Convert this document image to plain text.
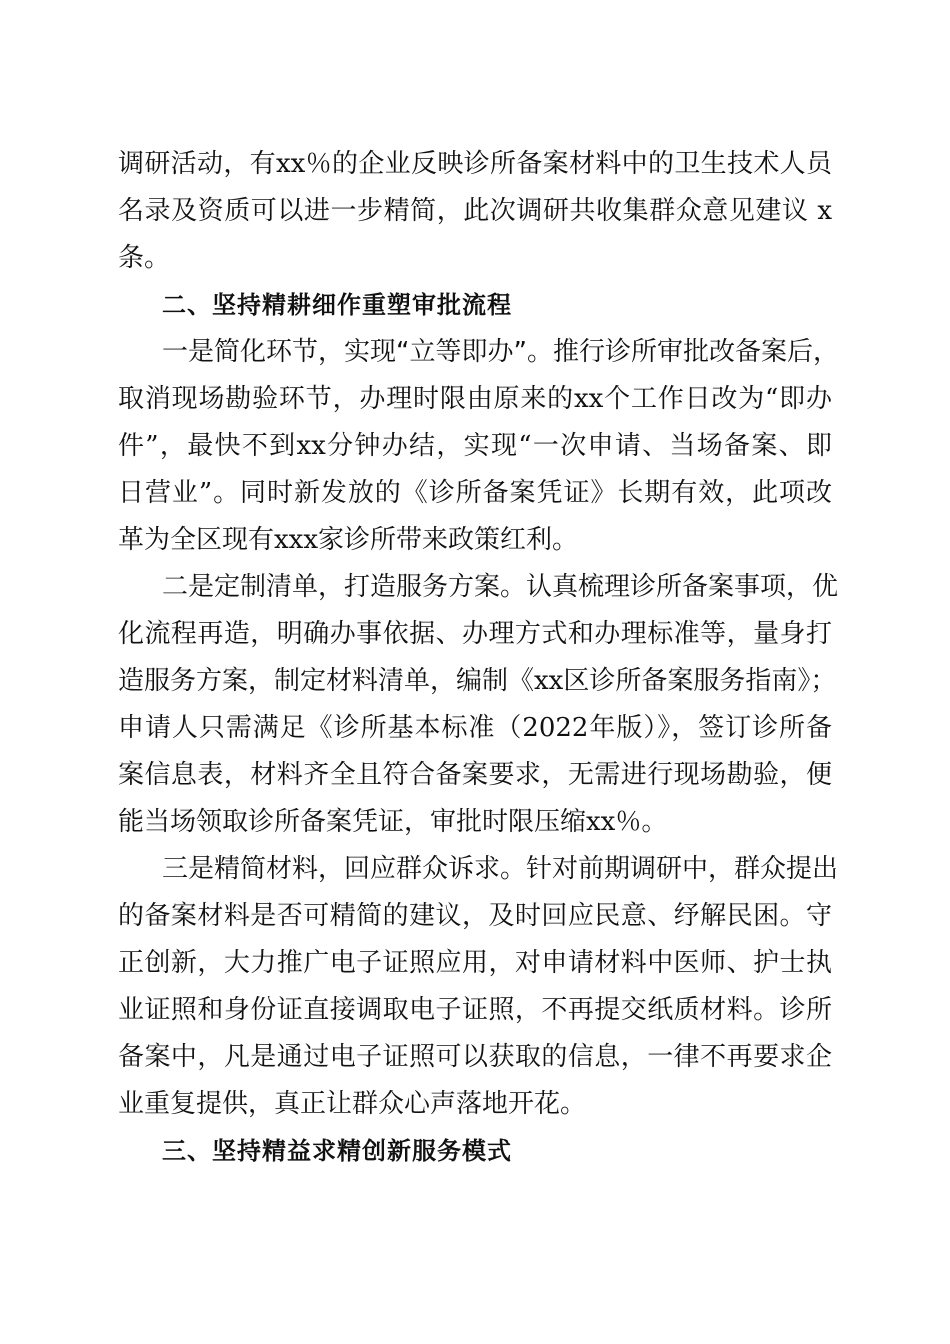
调研活动，有xx％的企业反映诊所备案材料中的卫生技术人员
名录及资质可以进一步精简，此次调研共收集群众意见建议 x
条。
二、坚持精耕细作重塑审批流程
一是简化环节，实现“立等即办”。推行诊所审批改备案后，
取消现场勘验环节，办理时限由原来的xx个工作日改为“即办
件”，最快不到xx分钟办结，实现“一次申请、当场备案、即
日营业”。同时新发放的《诊所备案凭证》长期有效，此项改
革为全区现有xxx家诊所带来政策红利。
二是定制清单，打造服务方案。认真梳理诊所备案事项，优
化流程再造，明确办事依据、办理方式和办理标准等，量身打
造服务方案，制定材料清单，编制《xx区诊所备案服务指南》；
申请人只需满足《诊所基本标准（2022年版）》，签订诊所备
案信息表，材料齐全且符合备案要求，无需进行现场勘验，便
能当场领取诊所备案凭证，审批时限压缩xx％。
三是精简材料，回应群众诉求。针对前期调研中，群众提出
的备案材料是否可精简的建议，及时回应民意、纾解民困。守
正创新，大力推广电子证照应用，对申请材料中医师、护士执
业证照和身份证直接调取电子证照，不再提交纸质材料。诊所
备案中，凡是通过电子证照可以获取的信息，一律不再要求企
业重复提供，真正让群众心声落地开花。
三、坚持精益求精创新服务模式
